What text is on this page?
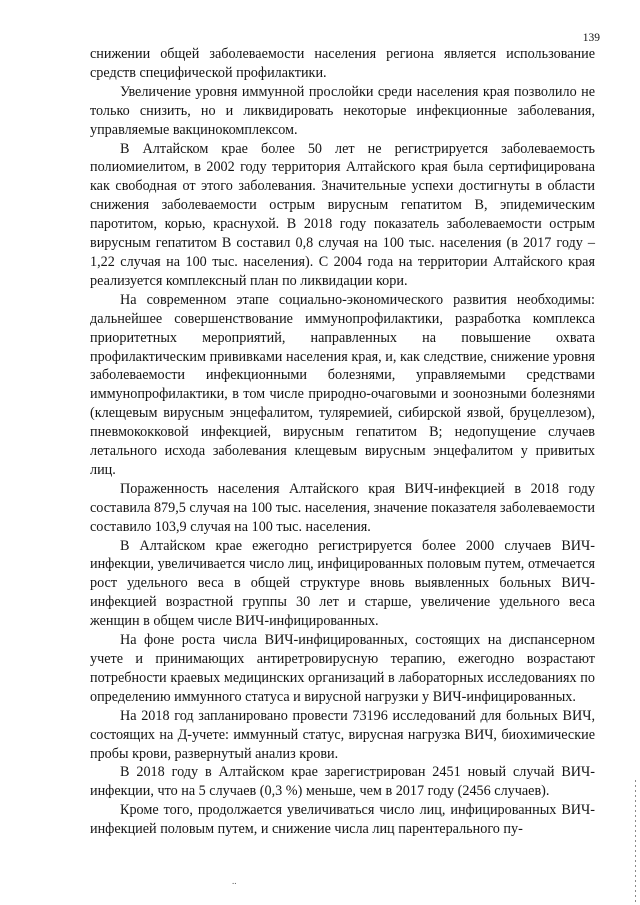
139

снижении общей заболеваемости населения региона является использование средств специфической профилактики.

Увеличение уровня иммунной прослойки среди населения края позволило не только снизить, но и ликвидировать некоторые инфекционные заболевания, управляемые вакцинокомплексом.

В Алтайском крае более 50 лет не регистрируется заболеваемость полиомиелитом, в 2002 году территория Алтайского края была сертифицирована как свободная от этого заболевания. Значительные успехи достигнуты в области снижения заболеваемости острым вирусным гепатитом В, эпидемическим паротитом, корью, краснухой. В 2018 году показатель заболеваемости острым вирусным гепатитом В составил 0,8 случая на 100 тыс. населения (в 2017 году – 1,22 случая на 100 тыс. населения). С 2004 года на территории Алтайского края реализуется комплексный план по ликвидации кори.

На современном этапе социально-экономического развития необходимы: дальнейшее совершенствование иммунопрофилактики, разработка комплекса приоритетных мероприятий, направленных на повышение охвата профилактическим прививками населения края, и, как следствие, снижение уровня заболеваемости инфекционными болезнями, управляемыми средствами иммунопрофилактики, в том числе природно-очаговыми и зоонозными болезнями (клещевым вирусным энцефалитом, туляремией, сибирской язвой, бруцеллезом), пневмококковой инфекцией, вирусным гепатитом В; недопущение случаев летального исхода заболевания клещевым вирусным энцефалитом у привитых лиц.

Пораженность населения Алтайского края ВИЧ-инфекцией в 2018 году составила 879,5 случая на 100 тыс. населения, значение показателя заболеваемости составило 103,9 случая на 100 тыс. населения.

В Алтайском крае ежегодно регистрируется более 2000 случаев ВИЧ-инфекции, увеличивается число лиц, инфицированных половым путем, отмечается рост удельного веса в общей структуре вновь выявленных больных ВИЧ-инфекцией возрастной группы 30 лет и старше, увеличение удельного веса женщин в общем числе ВИЧ-инфицированных.

На фоне роста числа ВИЧ-инфицированных, состоящих на диспансерном учете и принимающих антиретровирусную терапию, ежегодно возрастают потребности краевых медицинских организаций в лабораторных исследованиях по определению иммунного статуса и вирусной нагрузки у ВИЧ-инфицированных.

На 2018 год запланировано провести 73196 исследований для больных ВИЧ, состоящих на Д-учете: иммунный статус, вирусная нагрузка ВИЧ, биохимические пробы крови, развернутый анализ крови.

В 2018 году в Алтайском крае зарегистрирован 2451 новый случай ВИЧ-инфекции, что на 5 случаев (0,3 %) меньше, чем в 2017 году (2456 случаев).

Кроме того, продолжается увеличиваться число лиц, инфицированных ВИЧ-инфекцией половым путем, и снижение числа лиц парентерального пу-

..
